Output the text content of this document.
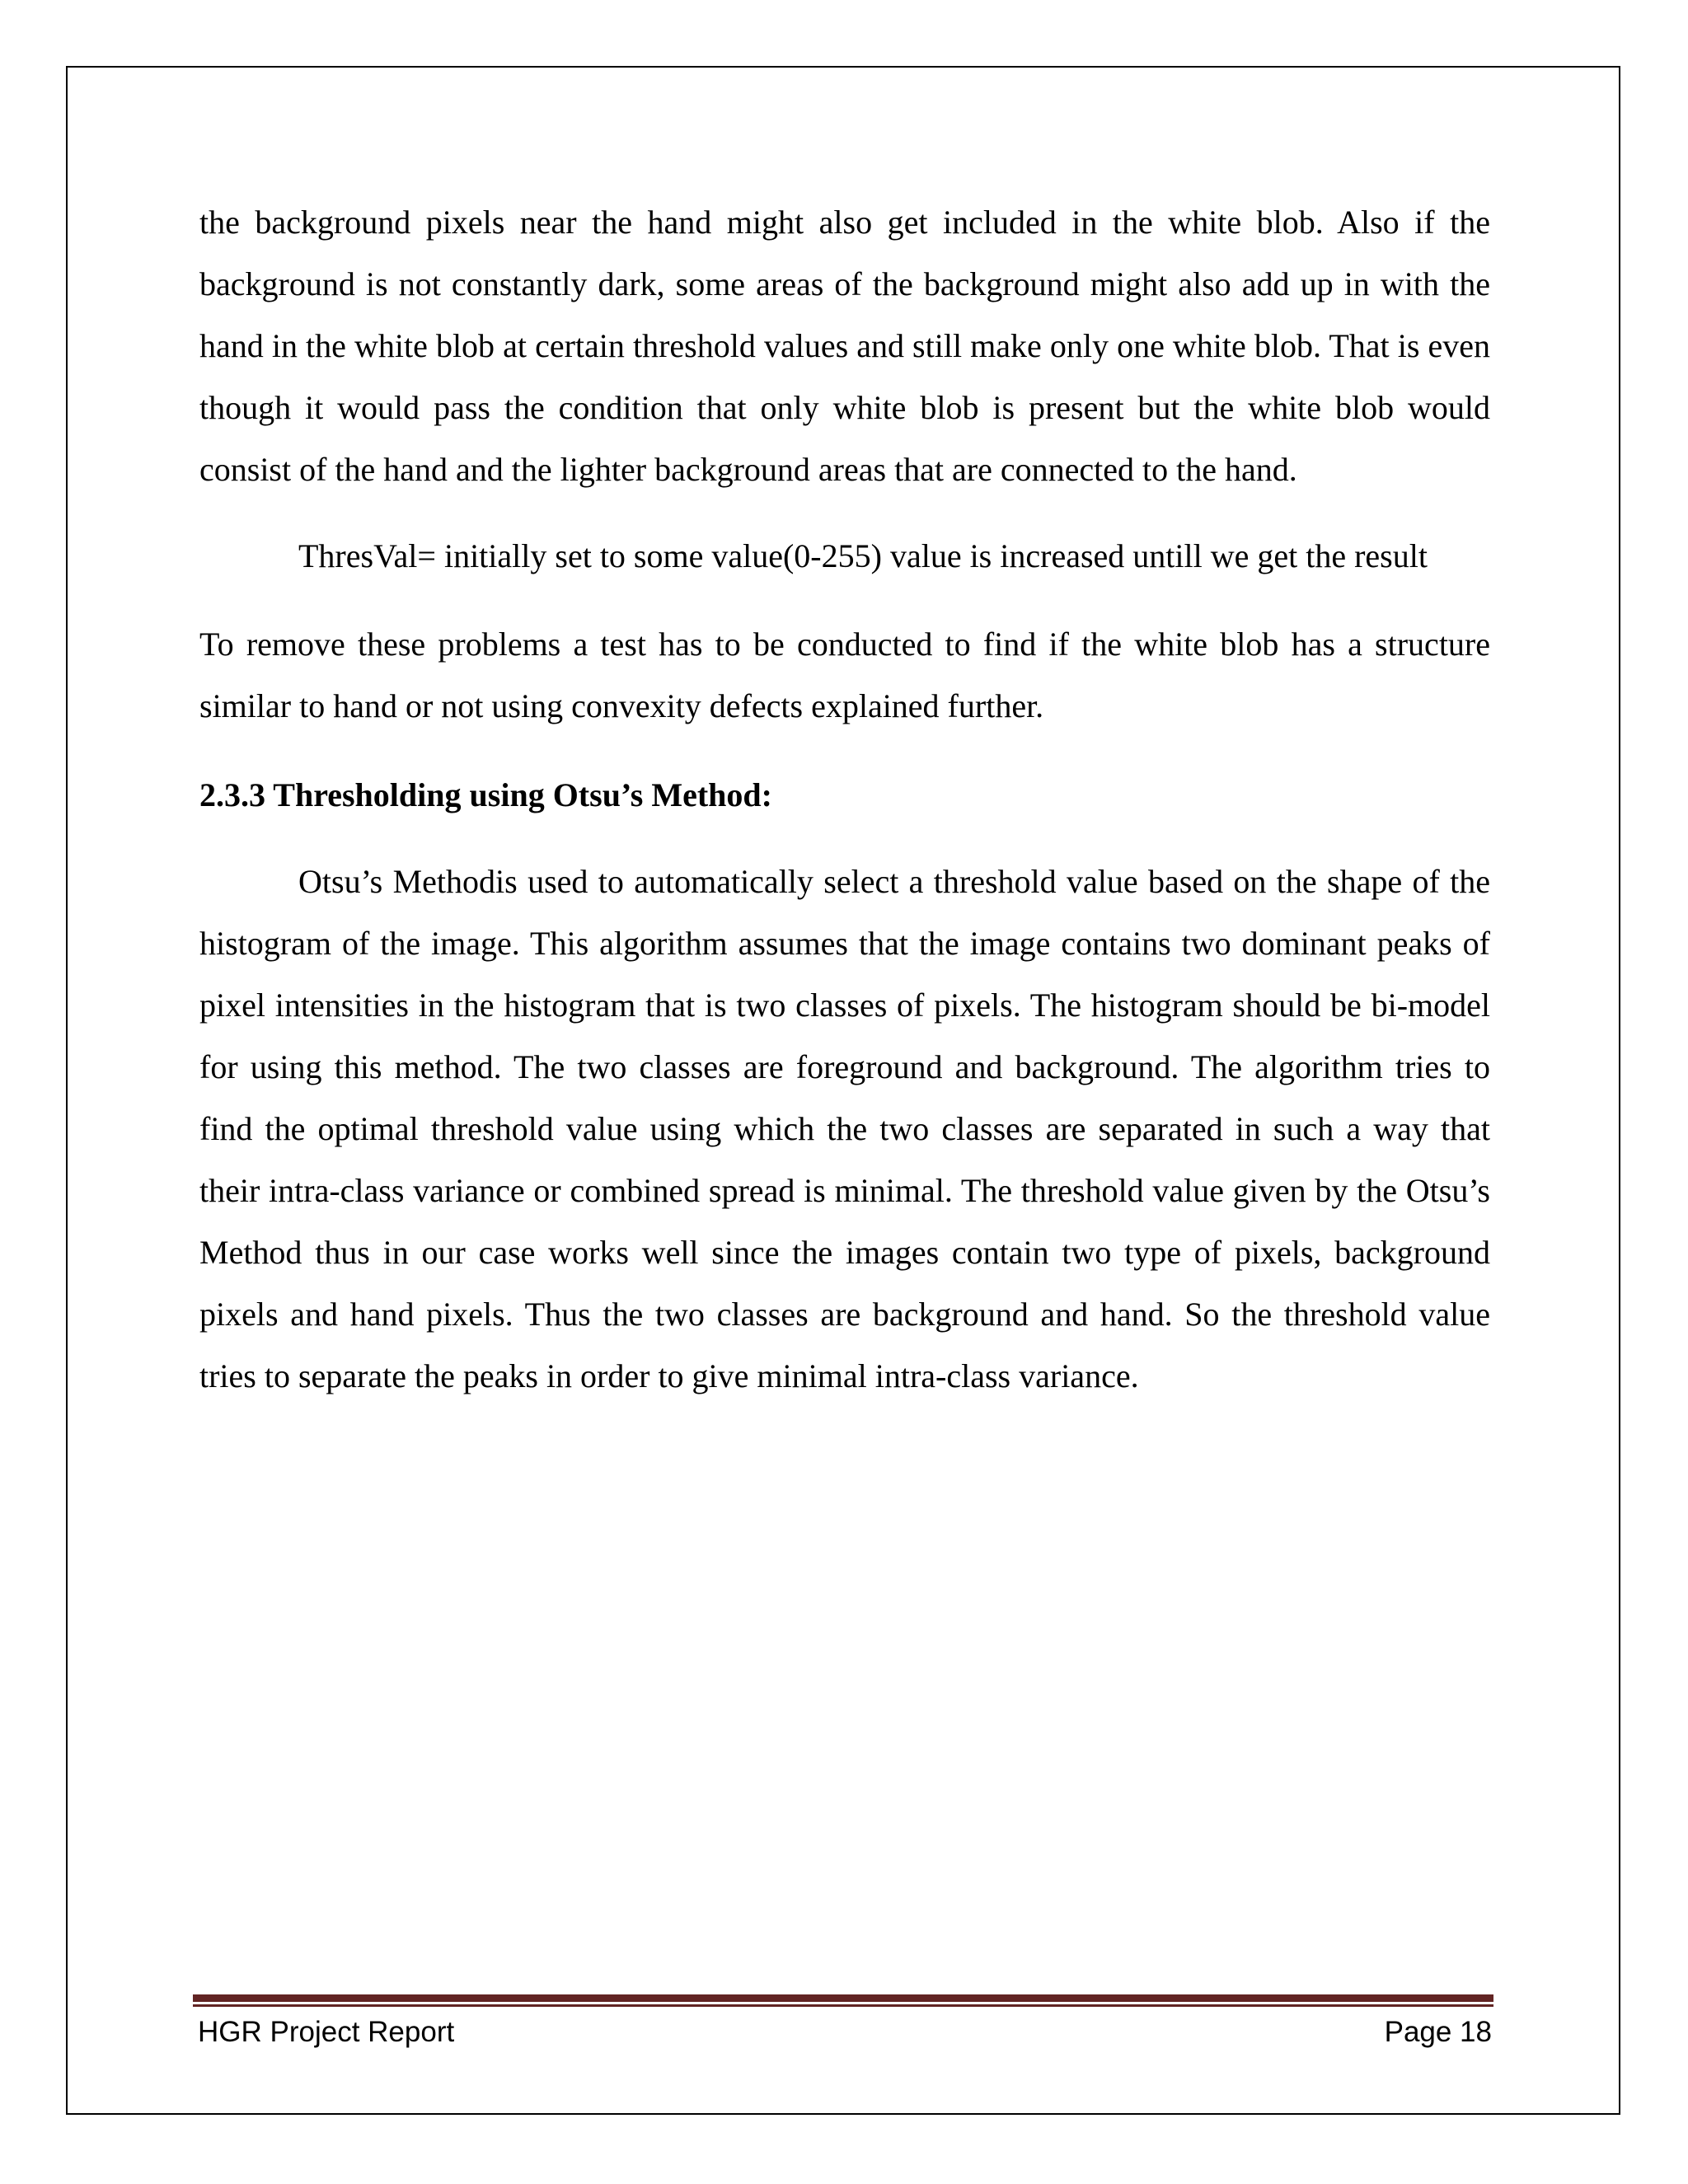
the background pixels near the hand might also get included in the white blob. Also if the background is not constantly dark, some areas of the background might also add up in with the hand in the white blob at certain threshold values and still make only one white blob. That is even though it would pass the condition that only white blob is present but the white blob would consist of the hand and the lighter background areas that are connected to the hand.

ThresVal= initially set to some value(0-255) value is increased untill we get the result

To remove these problems a test has to be conducted to find if the white blob has a structure similar to hand or not using convexity defects explained further.

2.3.3 Thresholding using Otsu’s Method:

Otsu’s Methodis used to automatically select a threshold value based on the shape of the histogram of the image. This algorithm assumes that the image contains two dominant peaks of pixel intensities in the histogram that is two classes of pixels. The histogram should be bi-model for using this method. The two classes are foreground and background. The algorithm tries to find the optimal threshold value using which the two classes are separated in such a way that their intra-class variance or combined spread is minimal. The threshold value given by the Otsu’s Method thus in our case works well since the images contain two type of pixels, background pixels and hand pixels. Thus the two classes are background and hand. So the threshold value tries to separate the peaks in order to give minimal intra-class variance.

HGR Project Report	Page 18
